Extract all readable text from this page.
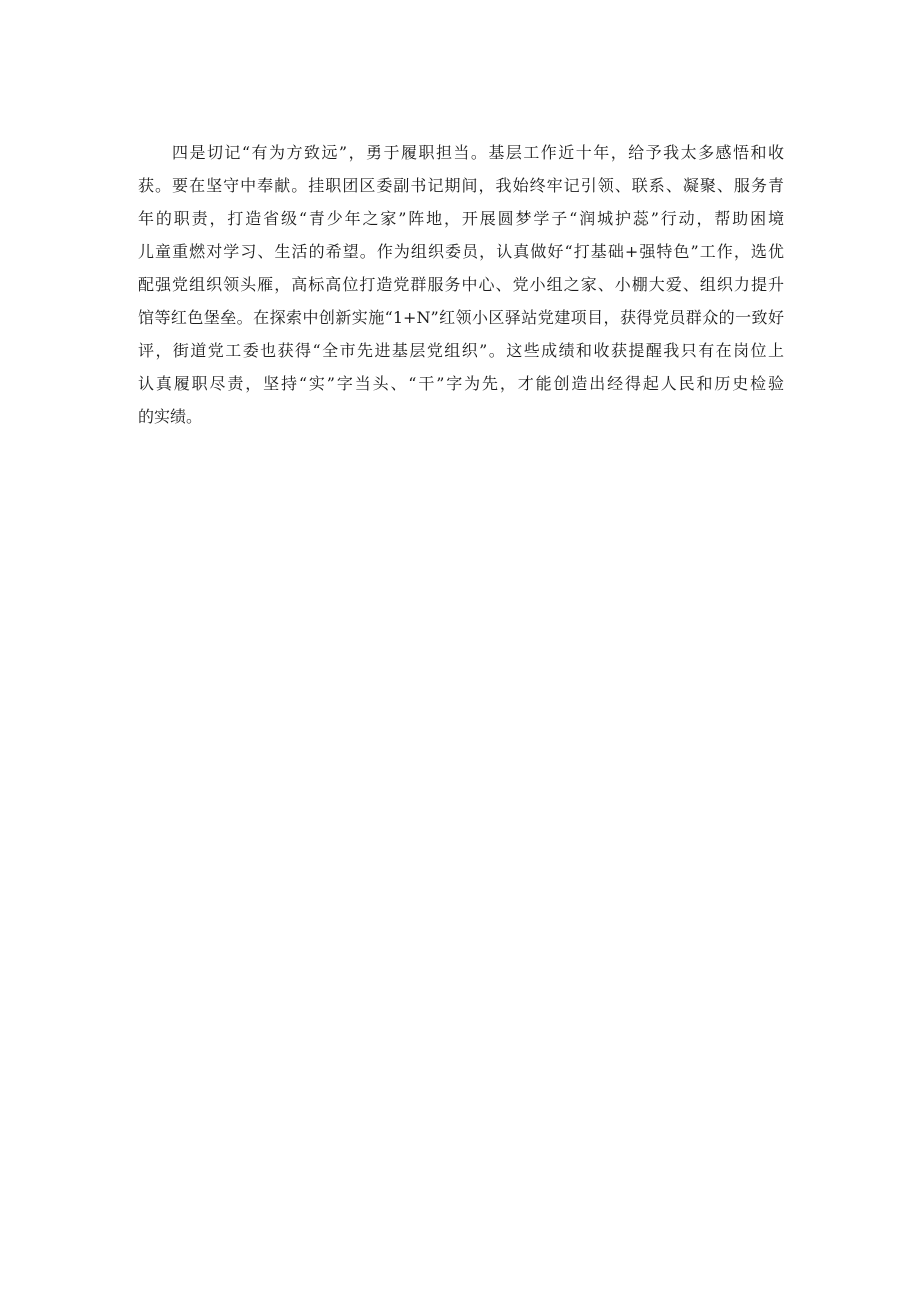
四是切记“有为方致远”，勇于履职担当。基层工作近十年，给予我太多感悟和收
获。要在坚守中奉献。挂职团区委副书记期间，我始终牢记引领、联系、凝聚、服务青
年的职责，打造省级“青少年之家”阵地，开展圆梦学子“润城护蕊”行动，帮助困境
儿童重燃对学习、生活的希望。作为组织委员，认真做好“打基础+强特色”工作，选优
配强党组织领头雁，高标高位打造党群服务中心、党小组之家、小棚大爱、组织力提升
馆等红色堡垒。在探索中创新实施“1+N”红领小区驿站党建项目，获得党员群众的一致好
评，街道党工委也获得“全市先进基层党组织”。这些成绩和收获提醒我只有在岗位上
认真履职尽责，坚持“实”字当头、“干”字为先，才能创造出经得起人民和历史检验
的实绩。
